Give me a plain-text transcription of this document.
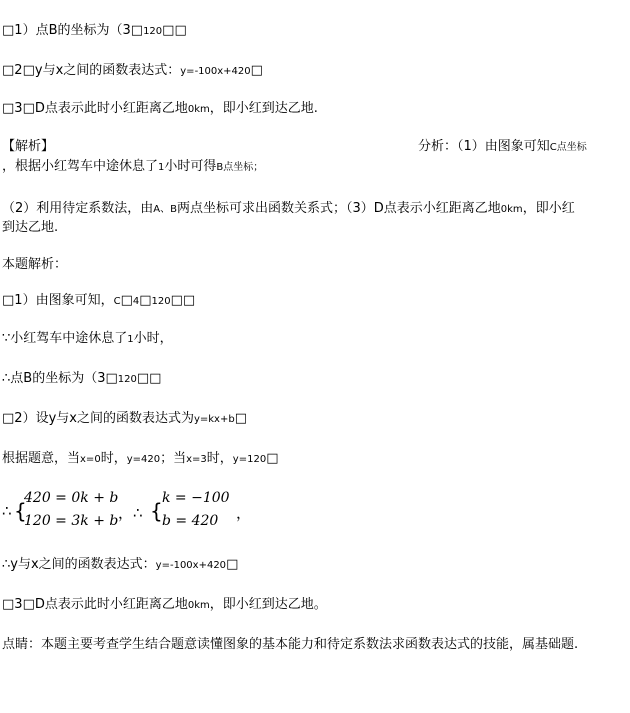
□1）点B的坐标为（3□120□□
□2□y与x之间的函数表达式：y=-100x+420□
□3□D点表示此时小红距离乙地0km，即小红到达乙地.
【解析】	分析：（1）由图象可知C点坐标
，根据小红驾车中途休息了1小时可得B点坐标；
（2）利用待定系数法，由A、B两点坐标可求出函数关系式；（3）D点表示小红距离乙地0km，即小红
到达乙地.
本题解析：
□1）由图象可知，C□4□120□□
∵小红驾车中途休息了1小时，
∴点B的坐标为（3□120□□
□2）设y与x之间的函数表达式为y=kx+b□
根据题意，当x=0时，y=420；当x=3时，y=120□
∴ {
420 = 0k + b
120 = 3k + b ，∴ {
k = −100
b = 420 ，
∴y与x之间的函数表达式：y=-100x+420□
□3□D点表示此时小红距离乙地0km，即小红到达乙地。
点睛：本题主要考查学生结合题意读懂图象的基本能力和待定系数法求函数表达式的技能，属基础题.
